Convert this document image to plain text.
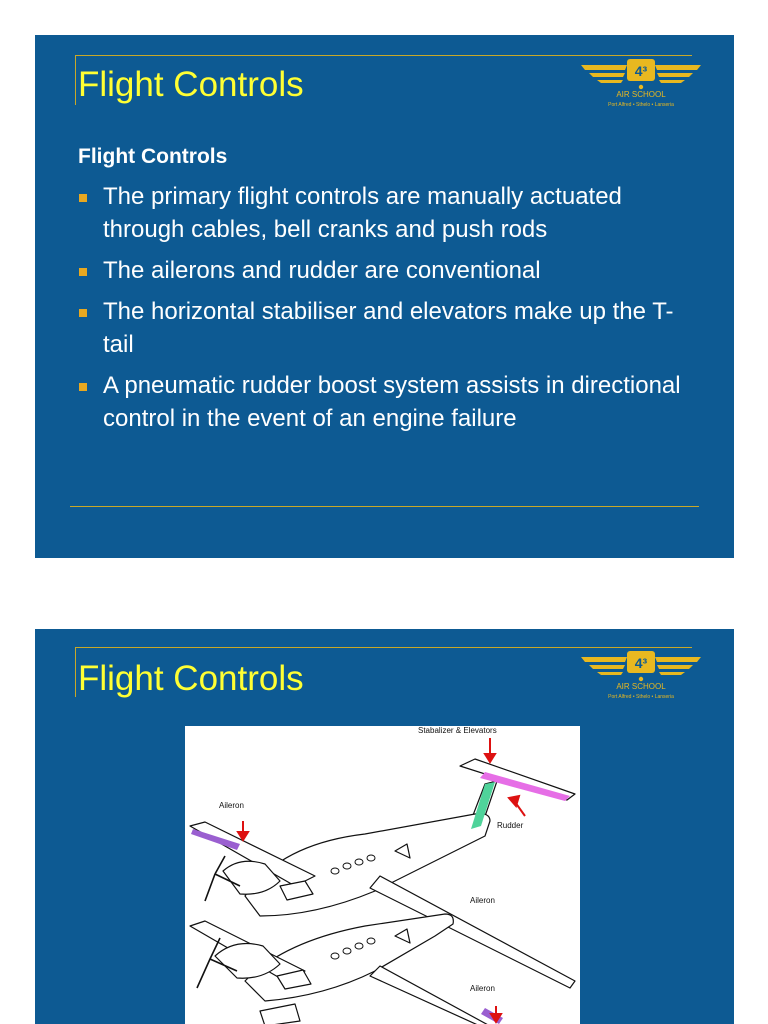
Flight Controls	4³
AIR SCHOOL
Port Alfred • Sthelo • Lanseria
Flight Controls
The primary flight controls are manually actuated through cables, bell cranks and push rods
The ailerons and rudder are conventional
The horizontal stabiliser and elevators make up the T-tail
A pneumatic rudder boost system assists in directional control in the event of an engine failure
Flight Controls	4³
AIR SCHOOL
Port Alfred • Sthelo • Lanseria
Stabalizer & Elevators
Aileron
Rudder
Aileron
Aileron
